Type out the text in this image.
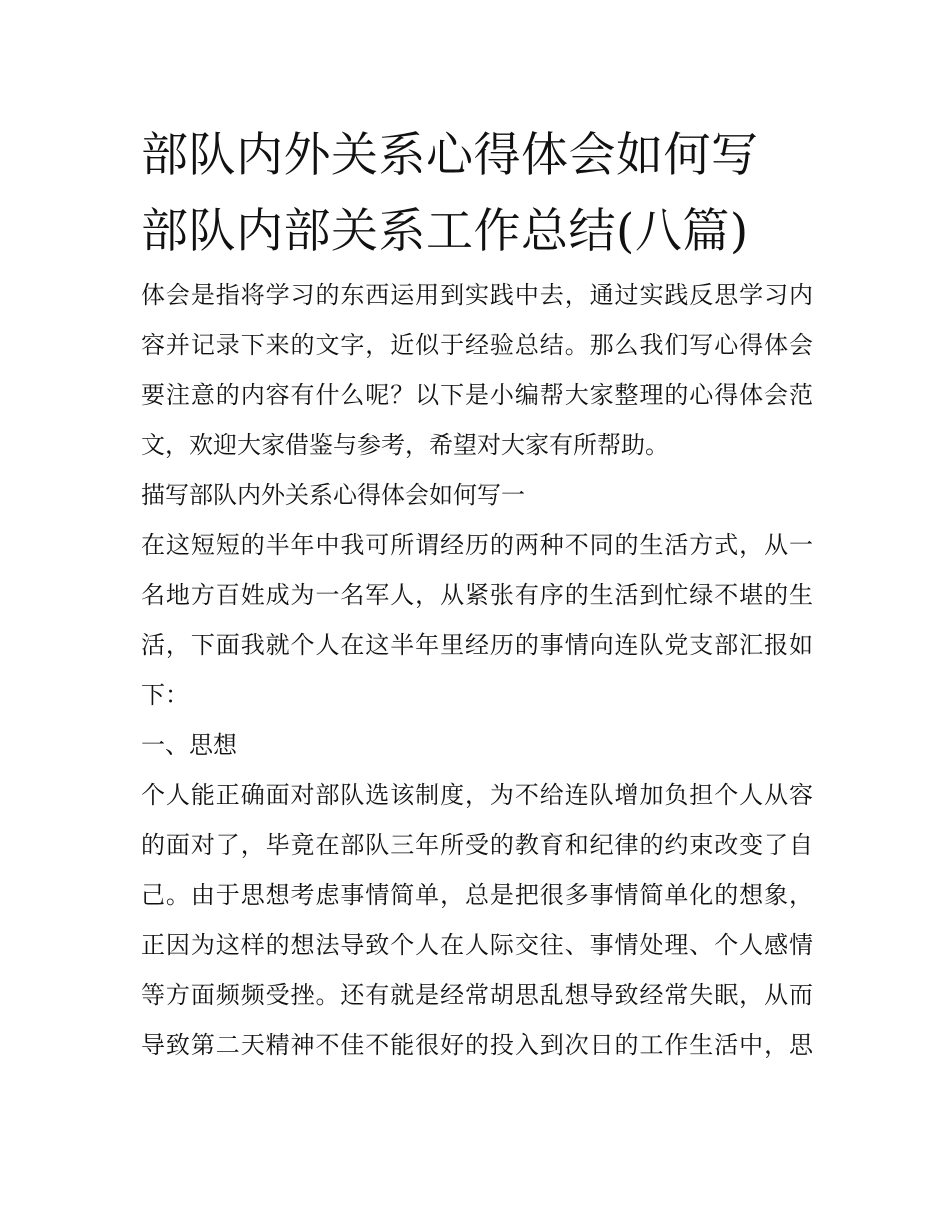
部队内外关系心得体会如何写
部队内部关系工作总结(八篇)
体会是指将学习的东西运用到实践中去，通过实践反思学习内
容并记录下来的文字，近似于经验总结。那么我们写心得体会
要注意的内容有什么呢？以下是小编帮大家整理的心得体会范
文，欢迎大家借鉴与参考，希望对大家有所帮助。
描写部队内外关系心得体会如何写一
在这短短的半年中我可所谓经历的两种不同的生活方式，从一
名地方百姓成为一名军人，从紧张有序的生活到忙绿不堪的生
活，下面我就个人在这半年里经历的事情向连队党支部汇报如
下：
一、思想
个人能正确面对部队选该制度，为不给连队增加负担个人从容
的面对了，毕竟在部队三年所受的教育和纪律的约束改变了自
己。由于思想考虑事情简单，总是把很多事情简单化的想象，
正因为这样的想法导致个人在人际交往、事情处理、个人感情
等方面频频受挫。还有就是经常胡思乱想导致经常失眠，从而
导致第二天精神不佳不能很好的投入到次日的工作生活中，思
